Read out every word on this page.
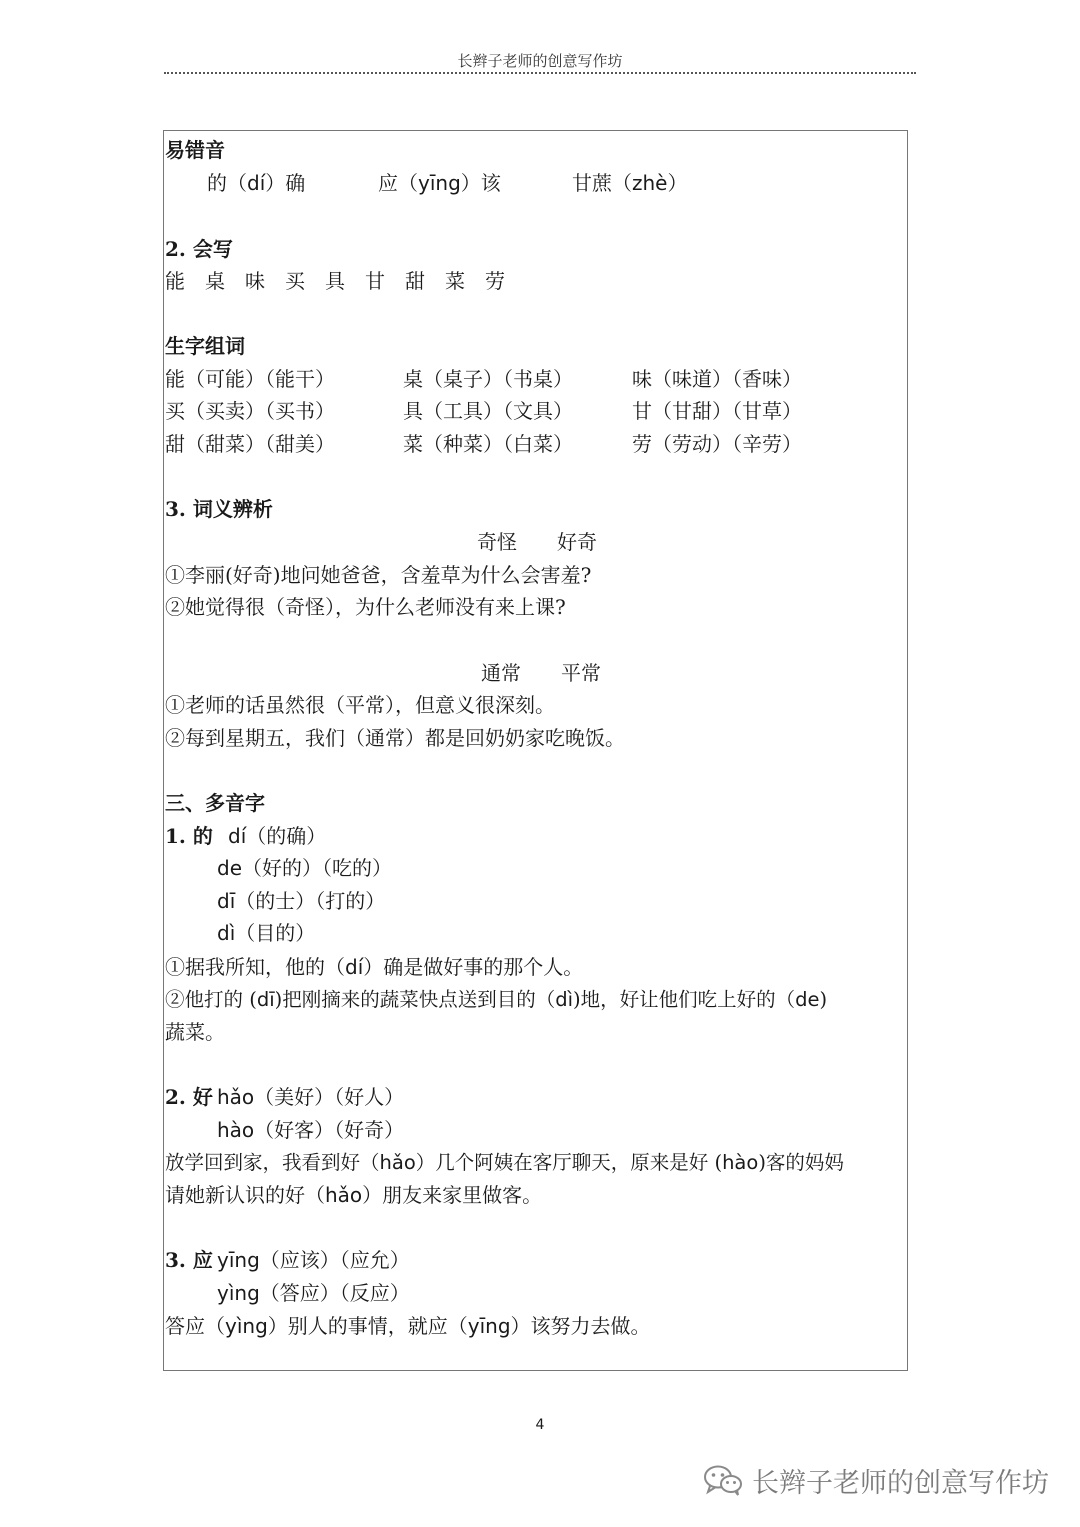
长辫子老师的创意写作坊
易错音
的（dí）确	应（yīng）该	甘蔗（zhè）
2. 会写
能  桌  味  买  具  甘  甜  菜  劳
生字组词
能（可能）（能干）	桌（桌子）（书桌）	味（味道）（香味）
买（买卖）（买书）	具（工具）（文具）	甘（甘甜）（甘草）
甜（甜菜）（甜美）	菜（种菜）（白菜）	劳（劳动）（辛劳）
3. 词义辨析
奇怪　　好奇
①李丽(好奇)地问她爸爸，含羞草为什么会害羞?
②她觉得很（奇怪），为什么老师没有来上课?
通常　　平常
①老师的话虽然很（平常），但意义很深刻。
②每到星期五，我们（通常）都是回奶奶家吃晚饭。
三、多音字
1. 的 dí（的确）
de（好的）（吃的）
dī（的士）（打的）
dì（目的）
①据我所知，他的（dí）确是做好事的那个人。
②他打的 (dī)把刚摘来的蔬菜快点送到目的（dì)地，好让他们吃上好的（de)
蔬菜。
2. 好 hǎo（美好）（好人）
hào（好客）（好奇）
放学回到家，我看到好（hǎo）几个阿姨在客厅聊天，原来是好 (hào)客的妈妈
请她新认识的好（hǎo）朋友来家里做客。
3. 应 yīng（应该）（应允）
yìng（答应）（反应）
答应（yìng）别人的事情，就应（yīng）该努力去做。
4
长辫子老师的创意写作坊
